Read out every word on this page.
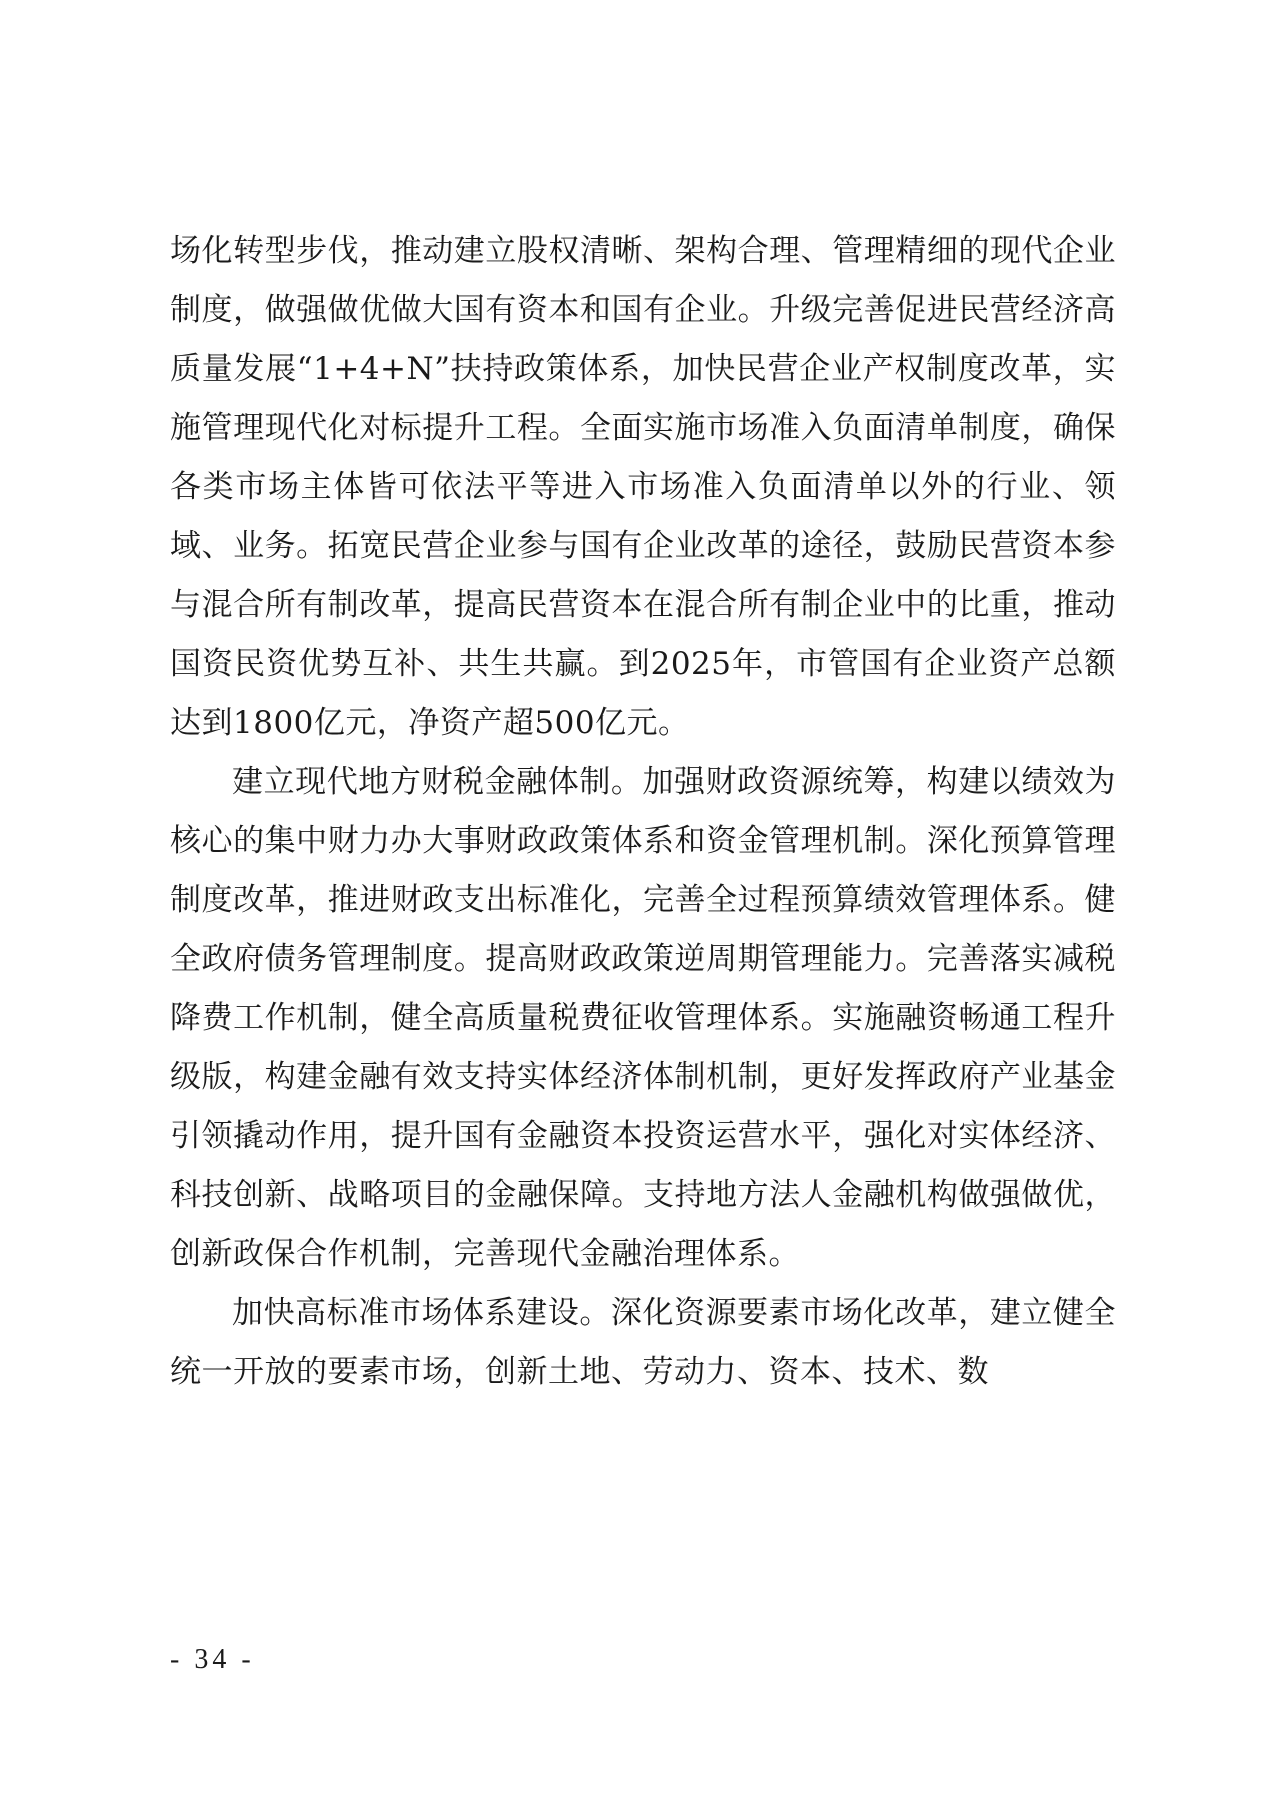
场化转型步伐，推动建立股权清晰、架构合理、管理精细的现代企业制度，做强做优做大国有资本和国有企业。升级完善促进民营经济高质量发展“1+4+N”扶持政策体系，加快民营企业产权制度改革，实施管理现代化对标提升工程。全面实施市场准入负面清单制度，确保各类市场主体皆可依法平等进入市场准入负面清单以外的行业、领域、业务。拓宽民营企业参与国有企业改革的途径，鼓励民营资本参与混合所有制改革，提高民营资本在混合所有制企业中的比重，推动国资民资优势互补、共生共赢。到2025年，市管国有企业资产总额达到1800亿元，净资产超500亿元。

建立现代地方财税金融体制。加强财政资源统筹，构建以绩效为核心的集中财力办大事财政政策体系和资金管理机制。深化预算管理制度改革，推进财政支出标准化，完善全过程预算绩效管理体系。健全政府债务管理制度。提高财政政策逆周期管理能力。完善落实减税降费工作机制，健全高质量税费征收管理体系。实施融资畅通工程升级版，构建金融有效支持实体经济体制机制，更好发挥政府产业基金引领撬动作用，提升国有金融资本投资运营水平，强化对实体经济、科技创新、战略项目的金融保障。支持地方法人金融机构做强做优，创新政保合作机制，完善现代金融治理体系。

加快高标准市场体系建设。深化资源要素市场化改革，建立健全统一开放的要素市场，创新土地、劳动力、资本、技术、数

- 34 -
